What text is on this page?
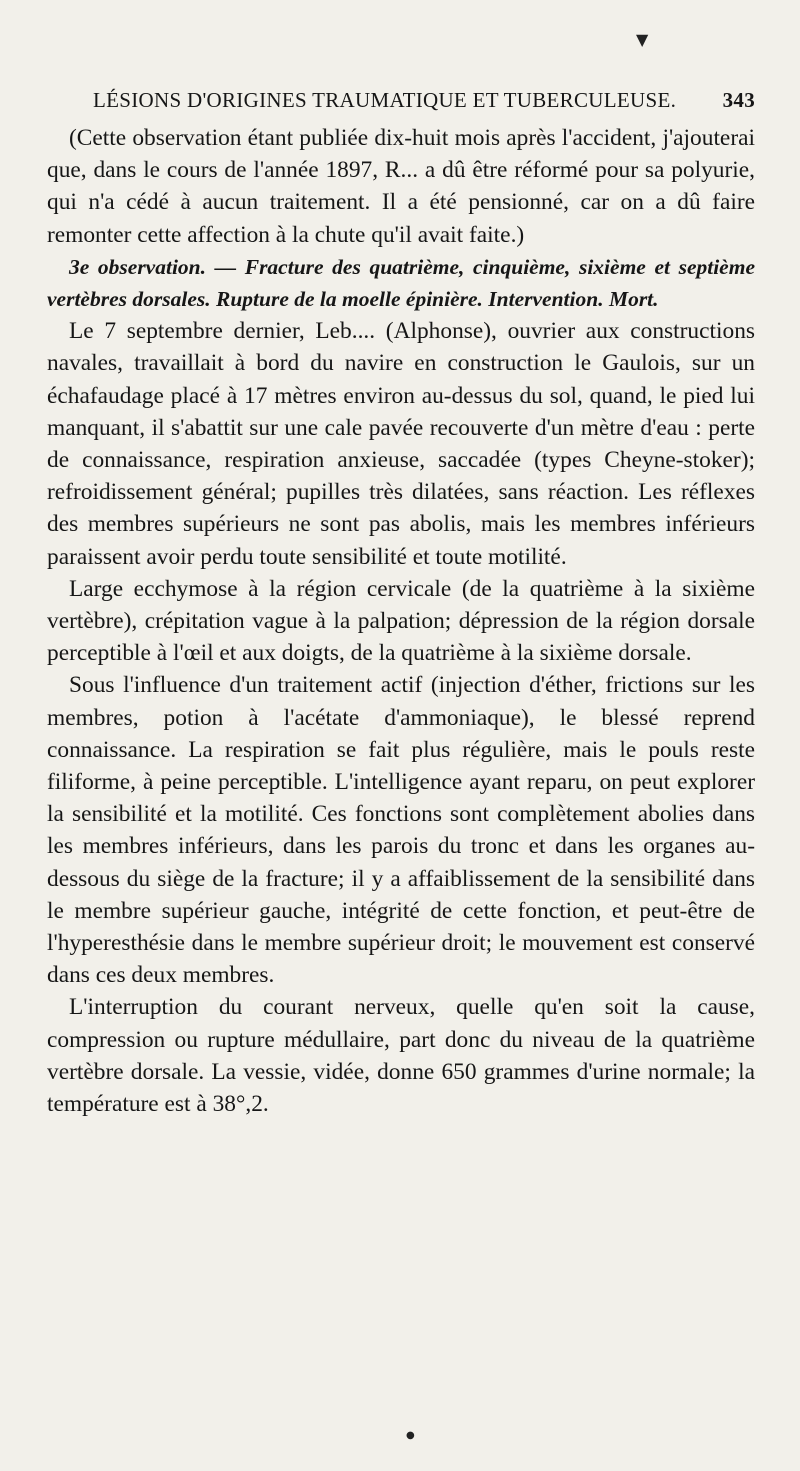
▼
LÉSIONS D'ORIGINES TRAUMATIQUE ET TUBERCULEUSE. 343

(Cette observation étant publiée dix-huit mois après l'accident, j'ajouterai que, dans le cours de l'année 1897, R... a dû être réformé pour sa polyurie, qui n'a cédé à aucun traitement. Il a été pensionné, car on a dû faire remonter cette affection à la chute qu'il avait faite.)

3e observation. — Fracture des quatrième, cinquième, sixième et septième vertèbres dorsales. Rupture de la moelle épinière. Intervention. Mort.

Le 7 septembre dernier, Leb.... (Alphonse), ouvrier aux constructions navales, travaillait à bord du navire en construction le Gaulois, sur un échafaudage placé à 17 mètres environ au-dessus du sol, quand, le pied lui manquant, il s'abattit sur une cale pavée recouverte d'un mètre d'eau : perte de connaissance, respiration anxieuse, saccadée (types Cheyne-stoker); refroidissement général; pupilles très dilatées, sans réaction. Les réflexes des membres supérieurs ne sont pas abolis, mais les membres inférieurs paraissent avoir perdu toute sensibilité et toute motilité.

Large ecchymose à la région cervicale (de la quatrième à la sixième vertèbre), crépitation vague à la palpation; dépression de la région dorsale perceptible à l'œil et aux doigts, de la quatrième à la sixième dorsale.

Sous l'influence d'un traitement actif (injection d'éther, frictions sur les membres, potion à l'acétate d'ammoniaque), le blessé reprend connaissance. La respiration se fait plus régulière, mais le pouls reste filiforme, à peine perceptible. L'intelligence ayant reparu, on peut explorer la sensibilité et la motilité. Ces fonctions sont complètement abolies dans les membres inférieurs, dans les parois du tronc et dans les organes au-dessous du siège de la fracture; il y a affaiblissement de la sensibilité dans le membre supérieur gauche, intégrité de cette fonction, et peut-être de l'hyperesthésie dans le membre supérieur droit; le mouvement est conservé dans ces deux membres.

L'interruption du courant nerveux, quelle qu'en soit la cause, compression ou rupture médullaire, part donc du niveau de la quatrième vertèbre dorsale. La vessie, vidée, donne 650 grammes d'urine normale; la température est à 38°,2.

●
